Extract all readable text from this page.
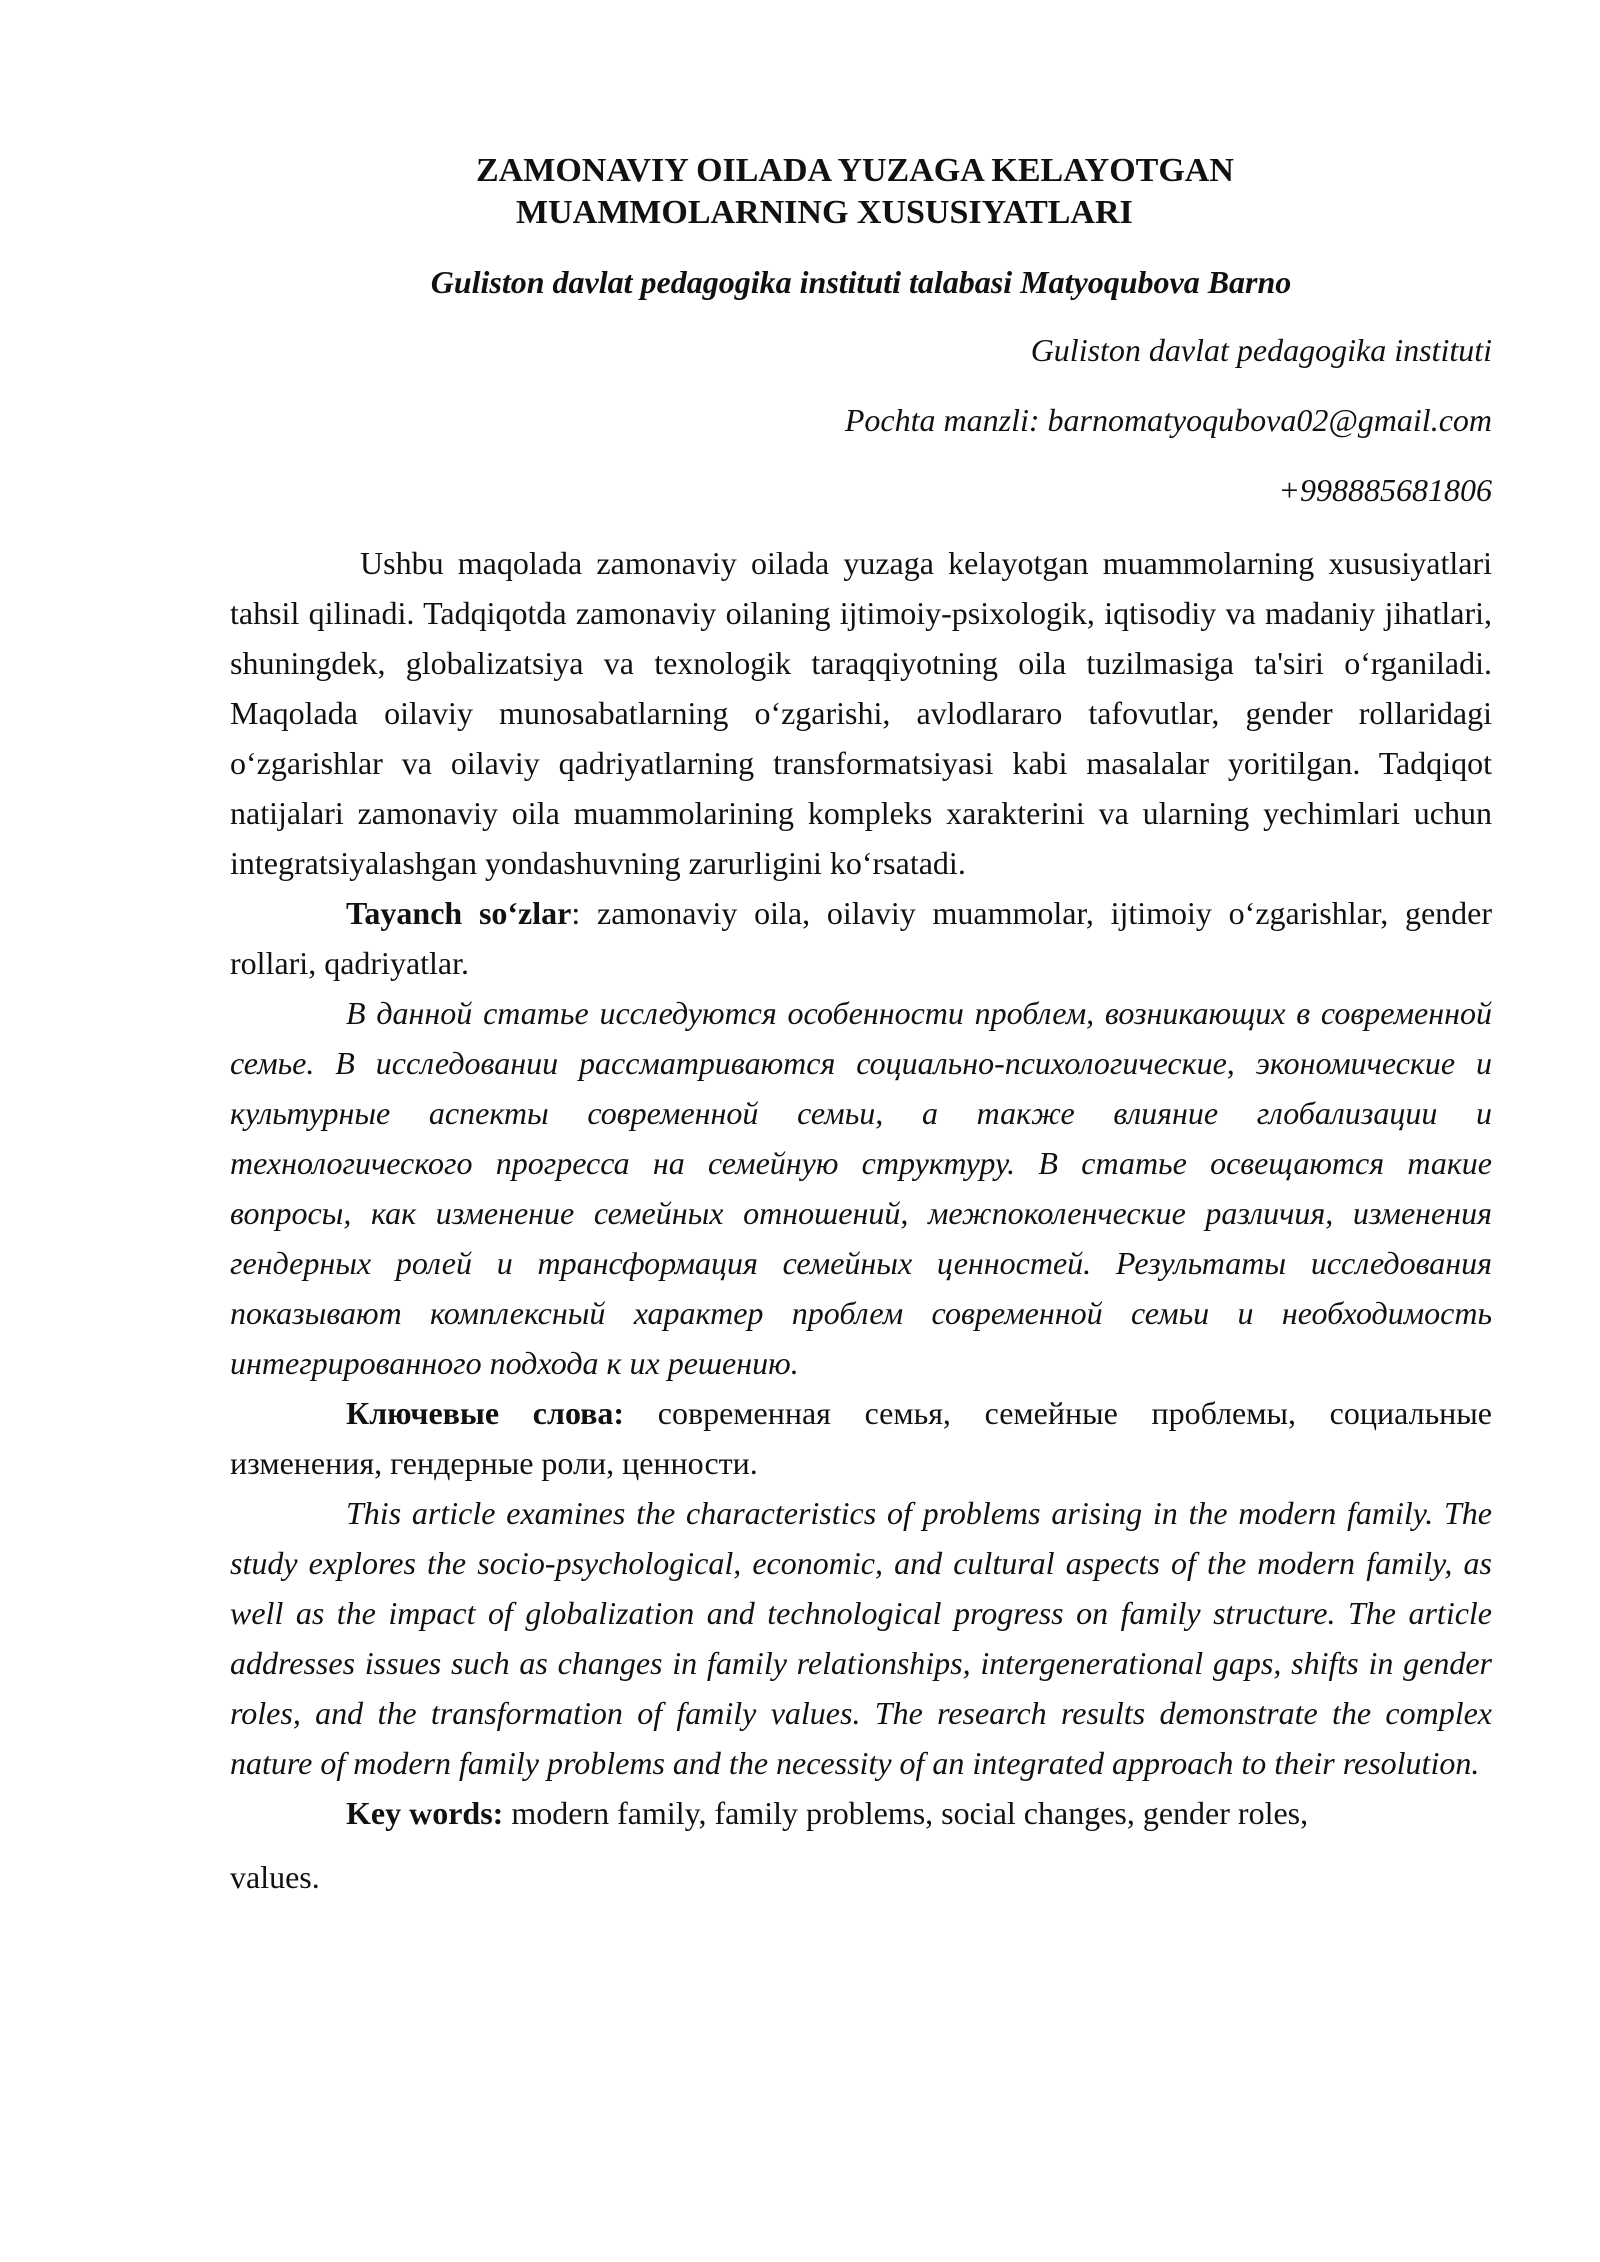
ZAMONAVIY OILADA YUZAGA KELAYOTGAN
MUAMMOLARNING XUSUSIYATLARI

Guliston davlat pedagogika instituti talabasi Matyoqubova Barno

Guliston davlat pedagogika instituti

Pochta manzli: barnomatyoqubova02@gmail.com

+998885681806

Ushbu maqolada zamonaviy oilada yuzaga kelayotgan muammolarning xususiyatlari tahsil qilinadi. Tadqiqotda zamonaviy oilaning ijtimoiy-psixologik, iqtisodiy va madaniy jihatlari, shuningdek, globalizatsiya va texnologik taraqqiyotning oila tuzilmasiga ta'siri o‘rganiladi. Maqolada oilaviy munosabatlarning o‘zgarishi, avlodlararo tafovutlar, gender rollaridagi o‘zgarishlar va oilaviy qadriyatlarning transformatsiyasi kabi masalalar yoritilgan. Tadqiqot natijalari zamonaviy oila muammolarining kompleks xarakterini va ularning yechimlari uchun integratsiyalashgan yondashuvning zarurligini ko‘rsatadi.

Tayanch so‘zlar: zamonaviy oila, oilaviy muammolar, ijtimoiy o‘zgarishlar, gender rollari, qadriyatlar.

В данной статье исследуются особенности проблем, возникающих в современной семье. В исследовании рассматриваются социально-психологические, экономические и культурные аспекты современной семьи, а также влияние глобализации и технологического прогресса на семейную структуру. В статье освещаются такие вопросы, как изменение семейных отношений, межпоколенческие различия, изменения гендерных ролей и трансформация семейных ценностей. Результаты исследования показывают комплексный характер проблем современной семьи и необходимость интегрированного подхода к их решению.

Ключевые слова: современная семья, семейные проблемы, социальные изменения, гендерные роли, ценности.

This article examines the characteristics of problems arising in the modern family. The study explores the socio-psychological, economic, and cultural aspects of the modern family, as well as the impact of globalization and technological progress on family structure. The article addresses issues such as changes in family relationships, intergenerational gaps, shifts in gender roles, and the transformation of family values. The research results demonstrate the complex nature of modern family problems and the necessity of an integrated approach to their resolution.

Key words: modern family, family problems, social changes, gender roles,

values.
